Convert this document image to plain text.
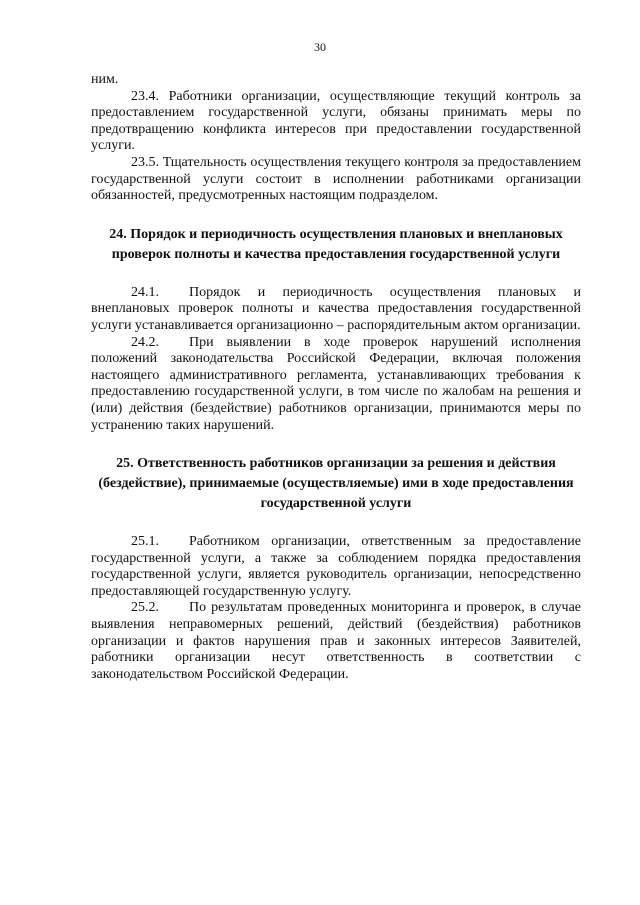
30

ним.

23.4. Работники организации, осуществляющие текущий контроль за предоставлением государственной услуги, обязаны принимать меры по предотвращению конфликта интересов при предоставлении государственной услуги.

23.5. Тщательность осуществления текущего контроля за предоставлением государственной услуги состоит в исполнении работниками организации обязанностей, предусмотренных настоящим подразделом.

24. Порядок и периодичность осуществления плановых и внеплановых проверок полноты и качества предоставления государственной услуги

24.1. Порядок и периодичность осуществления плановых и внеплановых проверок полноты и качества предоставления государственной услуги устанавливается организационно – распорядительным актом организации.

24.2. При выявлении в ходе проверок нарушений исполнения положений законодательства Российской Федерации, включая положения настоящего административного регламента, устанавливающих требования к предоставлению государственной услуги, в том числе по жалобам на решения и (или) действия (бездействие) работников организации, принимаются меры по устранению таких нарушений.

25. Ответственность работников организации за решения и действия (бездействие), принимаемые (осуществляемые) ими в ходе предоставления государственной услуги

25.1. Работником организации, ответственным за предоставление государственной услуги, а также за соблюдением порядка предоставления государственной услуги, является руководитель организации, непосредственно предоставляющей государственную услугу.

25.2. По результатам проведенных мониторинга и проверок, в случае выявления неправомерных решений, действий (бездействия) работников организации и фактов нарушения прав и законных интересов Заявителей, работники организации несут ответственность в соответствии с законодательством Российской Федерации.
